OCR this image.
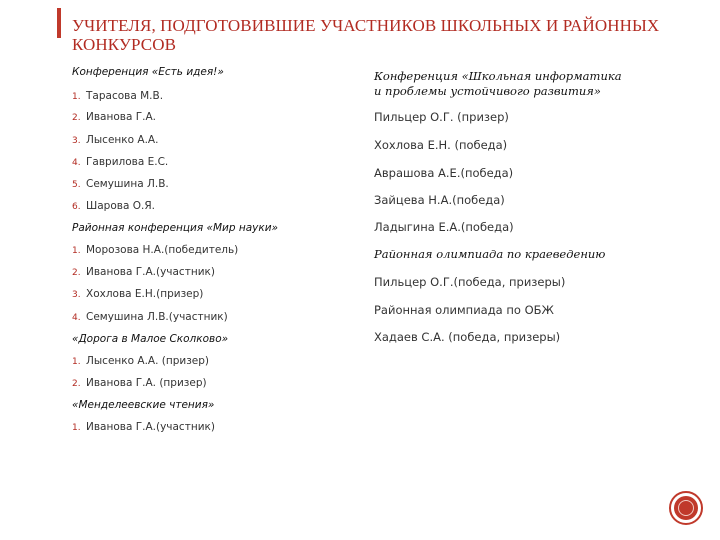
УЧИТЕЛЯ, ПОДГОТОВИВШИЕ УЧАСТНИКОВ ШКОЛЬНЫХ И РАЙОННЫХ КОНКУРСОВ
Конференция «Есть идея!»
1. Тарасова М.В.
2. Иванова Г.А.
3. Лысенко А.А.
4. Гаврилова Е.С.
5. Семушина Л.В.
6. Шарова О.Я.
Районная конференция «Мир науки»
1. Морозова Н.А.(победитель)
2. Иванова Г.А.(участник)
3. Хохлова Е.Н.(призер)
4. Семушина Л.В.(участник)
«Дорога в Малое Сколково»
1. Лысенко А.А. (призер)
2. Иванова Г.А. (призер)
«Менделеевские чтения»
1. Иванова Г.А.(участник)
Конференция «Школьная информатика
и проблемы устойчивого развития»
Пильцер О.Г. (призер)
Хохлова Е.Н. (победа)
Аврашова А.Е.(победа)
Зайцева Н.А.(победа)
Ладыгина Е.А.(победа)
Районная олимпиада по краеведению
Пильцер О.Г.(победа, призеры)
Районная олимпиада по ОБЖ
Хадаев С.А. (победа, призеры)
